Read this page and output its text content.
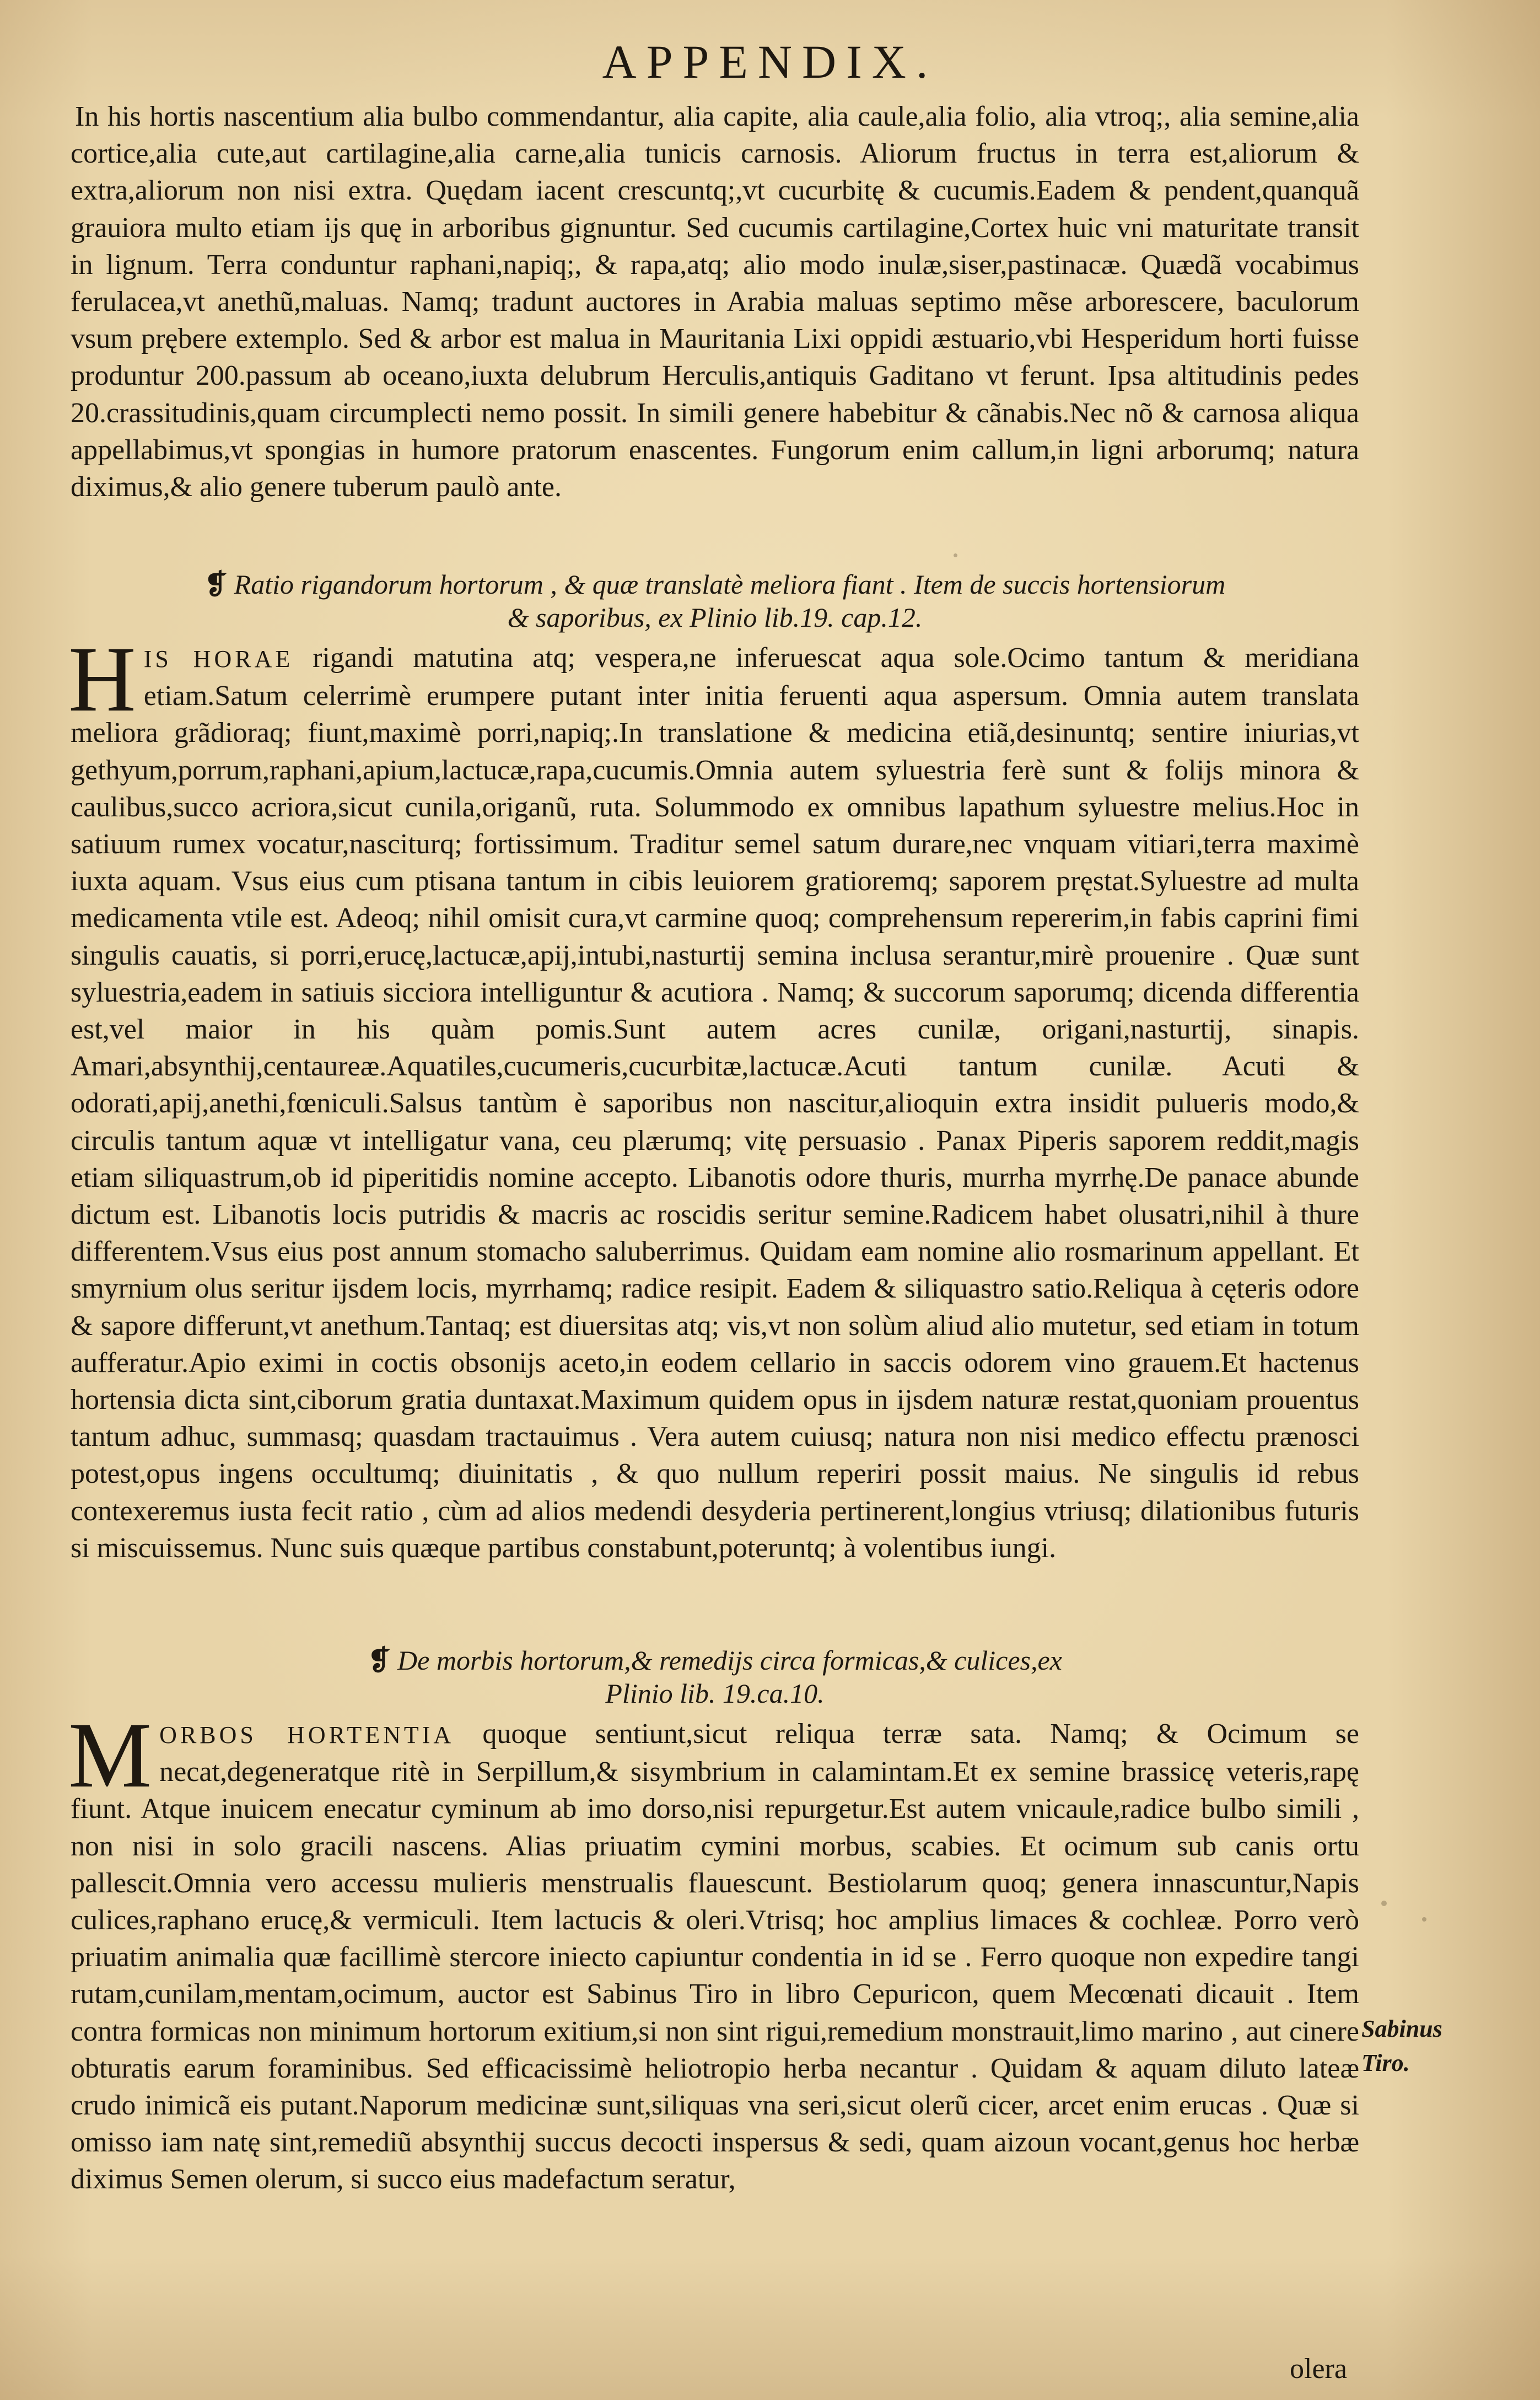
APPENDIX.

In his hortis nascentium alia bulbo commendantur, alia capite, alia caule,alia folio, alia vtroq;, alia semine,alia cortice,alia cute,aut cartilagine,alia carne,alia tunicis carnosis. Aliorum fructus in terra est,aliorum & extra,aliorum non nisi extra. Quędam iacent crescuntq;,vt cucurbitę & cucumis.Eadem & pendent,quanquã grauiora multo etiam ijs quę in arboribus gignuntur. Sed cucumis cartilagine,Cortex huic vni maturitate transit in lignum. Terra conduntur raphani,napiq;, & rapa,atq; alio modo inulæ,siser,pastinacæ. Quædã vocabimus ferulacea,vt anethũ,maluas. Namq; tradunt auctores in Arabia maluas septimo mẽse arborescere, baculorum vsum prębere extemplo. Sed & arbor est malua in Mauritania Lixi oppidi æstuario,vbi Hesperidum horti fuisse produntur 200.passum ab oceano,iuxta delubrum Herculis,antiquis Gaditano vt ferunt. Ipsa altitudinis pedes 20.crassitudinis,quam circumplecti nemo possit. In simili genere habebitur & cãnabis.Nec nõ & carnosa aliqua appellabimus,vt spongias in humore pratorum enascentes. Fungorum enim callum,in ligni arborumq; natura diximus,& alio genere tuberum paulò ante.

❡ Ratio rigandorum hortorum , & quæ translatè meliora fiant . Item de succis hortensiorum
& saporibus, ex Plinio lib.19. cap.12.

HIS HORAE rigandi matutina atq; vespera,ne inferuescat aqua sole.Ocimo tantum & meridiana etiam.Satum celerrimè erumpere putant inter initia feruenti aqua aspersum. Omnia autem translata meliora grãdioraq; fiunt,maximè porri,napiq;.In translatione & medicina etiã,desinuntq; sentire iniurias,vt gethyum,porrum,raphani,apium,lactucæ,rapa,cucumis.Omnia autem syluestria ferè sunt & folijs minora & caulibus,succo acriora,sicut cunila,origanũ, ruta. Solummodo ex omnibus lapathum syluestre melius.Hoc in satiuum rumex vocatur,nasciturq; fortissimum. Traditur semel satum durare,nec vnquam vitiari,terra maximè iuxta aquam. Vsus eius cum ptisana tantum in cibis leuiorem gratioremq; saporem pręstat.Syluestre ad multa medicamenta vtile est. Adeoq; nihil omisit cura,vt carmine quoq; comprehensum repererim,in fabis caprini fimi singulis cauatis, si porri,erucę,lactucæ,apij,intubi,nasturtij semina inclusa serantur,mirè prouenire . Quæ sunt syluestria,eadem in satiuis sicciora intelliguntur & acutiora . Namq; & succorum saporumq; dicenda differentia est,vel maior in his quàm pomis.Sunt autem acres cunilæ, origani,nasturtij, sinapis. Amari,absynthij,centaureæ.Aquatiles,cucumeris,cucurbitæ,lactucæ.Acuti tantum cunilæ. Acuti & odorati,apij,anethi,fœniculi.Salsus tantùm è saporibus non nascitur,alioquin extra insidit pulueris modo,& circulis tantum aquæ vt intelligatur vana, ceu plærumq; vitę persuasio . Panax Piperis saporem reddit,magis etiam siliquastrum,ob id piperitidis nomine accepto. Libanotis odore thuris, murrha myrrhę.De panace abunde dictum est. Libanotis locis putridis & macris ac roscidis seritur semine.Radicem habet olusatri,nihil à thure differentem.Vsus eius post annum stomacho saluberrimus. Quidam eam nomine alio rosmarinum appellant. Et smyrnium olus seritur ijsdem locis, myrrhamq; radice resipit. Eadem & siliquastro satio.Reliqua à cęteris odore & sapore differunt,vt anethum.Tantaq; est diuersitas atq; vis,vt non solùm aliud alio mutetur, sed etiam in totum aufferatur.Apio eximi in coctis obsonijs aceto,in eodem cellario in saccis odorem vino grauem.Et hactenus hortensia dicta sint,ciborum gratia duntaxat.Maximum quidem opus in ijsdem naturæ restat,quoniam prouentus tantum adhuc, summasq; quasdam tractauimus . Vera autem cuiusq; natura non nisi medico effectu prænosci potest,opus ingens occultumq; diuinitatis , & quo nullum reperiri possit maius. Ne singulis id rebus contexeremus iusta fecit ratio , cùm ad alios medendi desyderia pertinerent,longius vtriusq; dilationibus futuris si miscuissemus. Nunc suis quæque partibus constabunt,poteruntq; à volentibus iungi.

❡ De morbis hortorum,& remedijs circa formicas,& culices,ex
Plinio lib. 19.ca.10.

MORBOS HORTENTIA quoque sentiunt,sicut reliqua terræ sata. Namq; & Ocimum se necat,degeneratque ritè in Serpillum,& sisymbrium in calamintam.Et ex semine brassicę veteris,rapę fiunt. Atque inuicem enecatur cyminum ab imo dorso,nisi repurgetur.Est autem vnicaule,radice bulbo simili , non nisi in solo gracili nascens. Alias priuatim cymini morbus, scabies. Et ocimum sub canis ortu pallescit.Omnia vero accessu mulieris menstrualis flauescunt. Bestiolarum quoq; genera innascuntur,Napis culices,raphano erucę,& vermiculi. Item lactucis & oleri.Vtrisq; hoc amplius limaces & cochleæ. Porro verò priuatim animalia quæ facillimè stercore iniecto capiuntur condentia in id se . Ferro quoque non expedire tangi rutam,cunilam,mentam,ocimum, auctor est Sabinus Tiro in libro Cepuricon, quem Mecœnati dicauit . Item contra formicas non minimum hortorum exitium,si non sint rigui,remedium monstrauit,limo marino , aut cinere obturatis earum foraminibus. Sed efficacissimè heliotropio herba necantur . Quidam & aquam diluto lateæ crudo inimicã eis putant.Naporum medicinæ sunt,siliquas vna seri,sicut olerũ cicer, arcet enim erucas . Quæ si omisso iam natę sint,remediũ absynthij succus decocti inspersus & sedi, quam aizoun vocant,genus hoc herbæ diximus Semen olerum, si succo eius madefactum seratur,

Sabinus
Tiro.
olera
